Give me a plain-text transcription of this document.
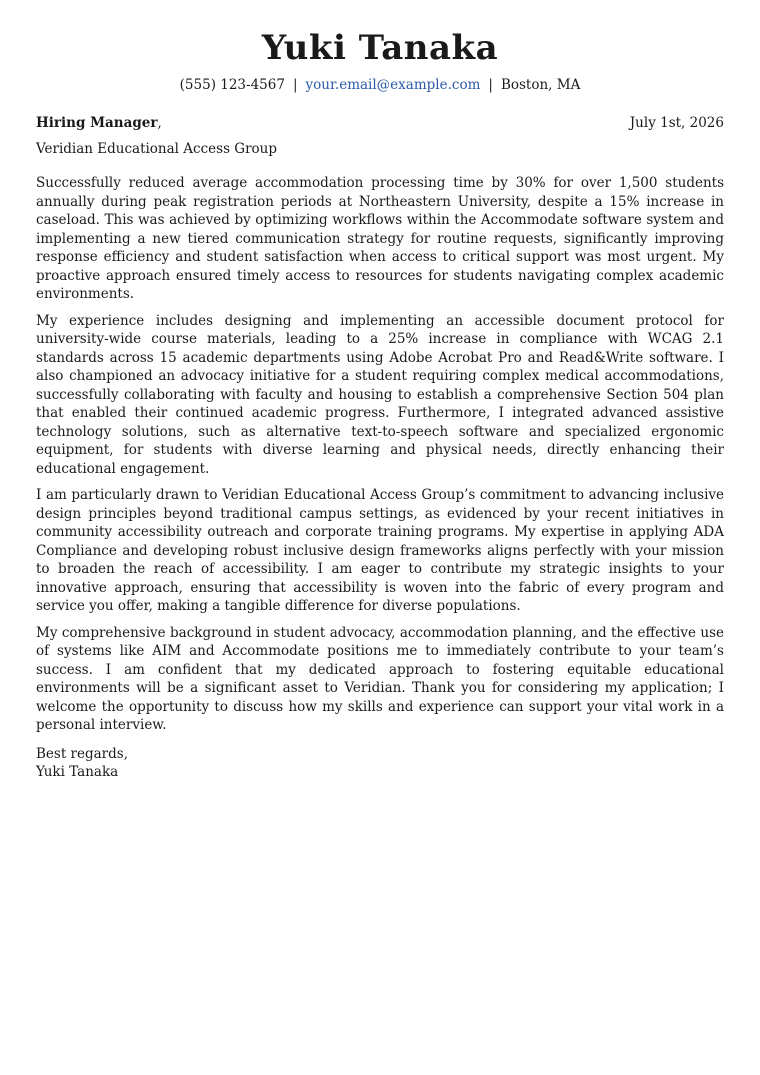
Yuki Tanaka
(555) 123-4567 | your.email@example.com | Boston, MA
Hiring Manager,	July 1st, 2026
Veridian Educational Access Group

Successfully reduced average accommodation processing time by 30% for over 1,500 students annually during peak registration periods at Northeastern University, despite a 15% increase in caseload. This was achieved by optimizing workflows within the Accommodate software system and implementing a new tiered communication strategy for routine requests, significantly improving response efficiency and student satisfaction when access to critical support was most urgent. My proactive approach ensured timely access to resources for students navigating complex academic environments.

My experience includes designing and implementing an accessible document protocol for university-wide course materials, leading to a 25% increase in compliance with WCAG 2.1 standards across 15 academic departments using Adobe Acrobat Pro and Read&Write software. I also championed an advocacy initiative for a student requiring complex medical accommodations, successfully collaborating with faculty and housing to establish a comprehensive Section 504 plan that enabled their continued academic progress. Furthermore, I integrated advanced assistive technology solutions, such as alternative text-to-speech software and specialized ergonomic equipment, for students with diverse learning and physical needs, directly enhancing their educational engagement.

I am particularly drawn to Veridian Educational Access Group’s commitment to advancing inclusive design principles beyond traditional campus settings, as evidenced by your recent initiatives in community accessibility outreach and corporate training programs. My expertise in applying ADA Compliance and developing robust inclusive design frameworks aligns perfectly with your mission to broaden the reach of accessibility. I am eager to contribute my strategic insights to your innovative approach, ensuring that accessibility is woven into the fabric of every program and service you offer, making a tangible difference for diverse populations.

My comprehensive background in student advocacy, accommodation planning, and the effective use of systems like AIM and Accommodate positions me to immediately contribute to your team’s success. I am confident that my dedicated approach to fostering equitable educational environments will be a significant asset to Veridian. Thank you for considering my application; I welcome the opportunity to discuss how my skills and experience can support your vital work in a personal interview.

Best regards,
Yuki Tanaka
